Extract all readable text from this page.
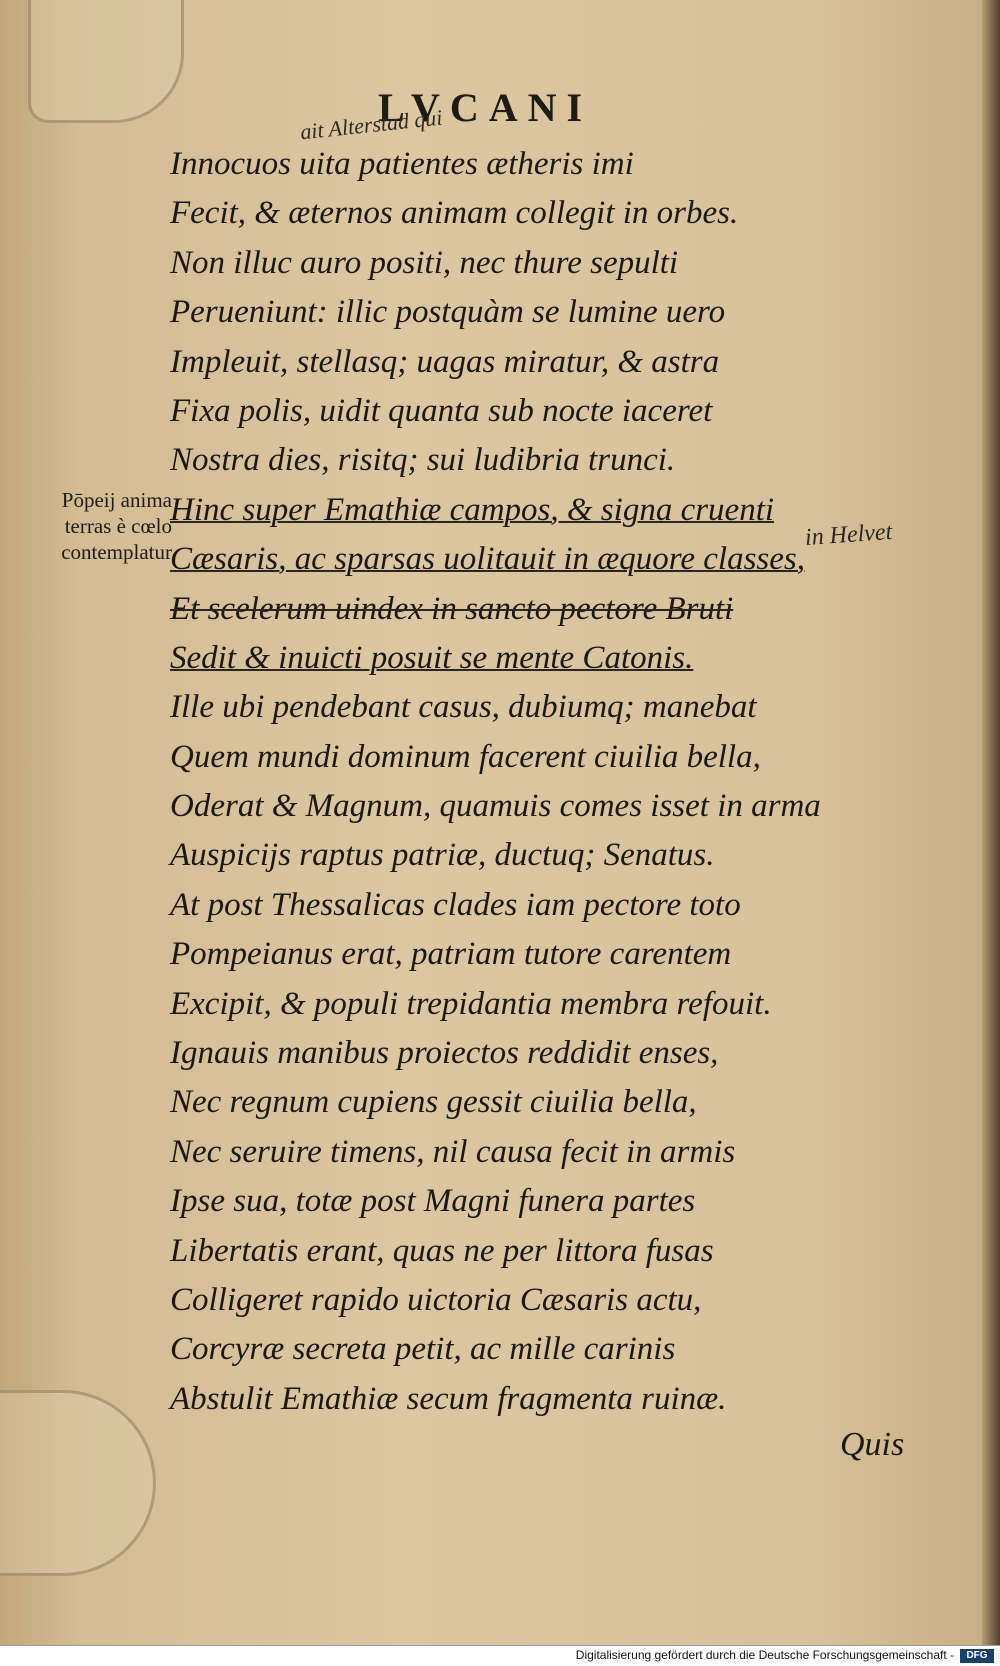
LVCANI
ait Alterstad qui
Innocuos uita patientes ætheris imi
Fecit, & æternos animam collegit in orbes.
Non illuc auro positi, nec thure sepulti
Perueniunt: illic postquàm se lumine uero
Impleuit, stellasq; uagas miratur, & astra
Fixa polis, uidit quanta sub nocte iaceret
Nostra dies, risitq; sui ludibria trunci.
Hinc super Emathiæ campos, & signa cruenti
Cæsaris, ac sparsas uolitauit in æquore classes,
Et scelerum uindex in sancto pectore Bruti
Sedit & inuicti posuit se mente Catonis.
Ille ubi pendebant casus, dubiumq; manebat
Quem mundi dominum facerent ciuilia bella,
Oderat & Magnum, quamuis comes isset in arma
Auspicijs raptus patriæ, ductuq; Senatus.
At post Thessalicas clades iam pectore toto
Pompeianus erat, patriam tutore carentem
Excipit, & populi trepidantia membra refouit.
Ignauis manibus proiectos reddidit enses,
Nec regnum cupiens gessit ciuilia bella,
Nec seruire timens, nil causa fecit in armis
Ipse sua, totæ post Magni funera partes
Libertatis erant, quas ne per littora fusas
Colligeret rapido uictoria Cæsaris actu,
Corcyræ secreta petit, ac mille carinis
Abstulit Emathiæ secum fragmenta ruinæ.
Pōpeij anima
terras è cœlo
contemplatur
in Helvet
Quis
Digitalisierung gefördert durch die Deutsche Forschungsgemeinschaft -	DFG
